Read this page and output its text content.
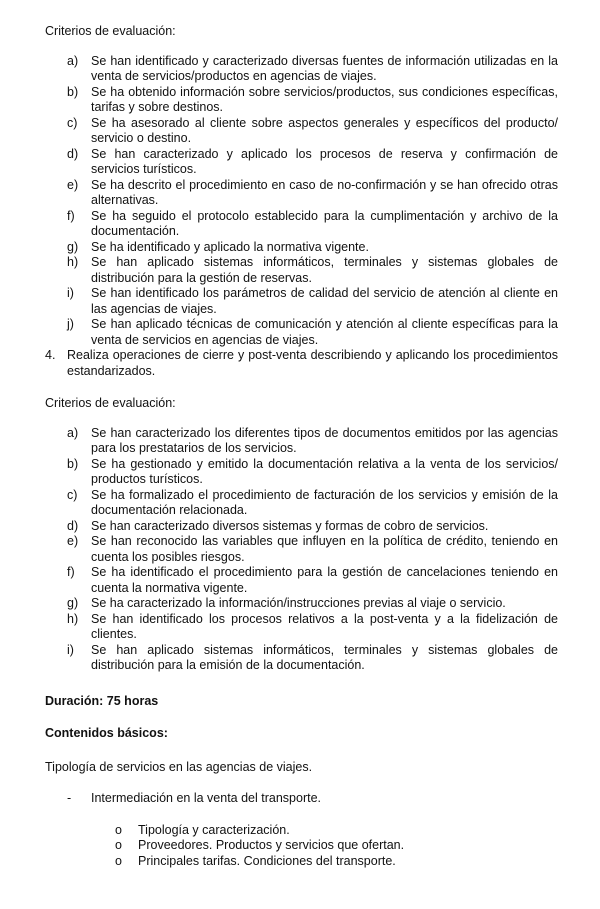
Criterios de evaluación:

a) Se han identificado y caracterizado diversas fuentes de información utilizadas en la venta de servicios/productos en agencias de viajes.
b) Se ha obtenido información sobre servicios/productos, sus condiciones específicas, tarifas y sobre destinos.
c) Se ha asesorado al cliente sobre aspectos generales y específicos del producto/ servicio o destino.
d) Se han caracterizado y aplicado los procesos de reserva y confirmación de servicios turísticos.
e) Se ha descrito el procedimiento en caso de no-confirmación y se han ofrecido otras alternativas.
f) Se ha seguido el protocolo establecido para la cumplimentación y archivo de la documentación.
g) Se ha identificado y aplicado la normativa vigente.
h) Se han aplicado sistemas informáticos, terminales y sistemas globales de distribución para la gestión de reservas.
i) Se han identificado los parámetros de calidad del servicio de atención al cliente en las agencias de viajes.
j) Se han aplicado técnicas de comunicación y atención al cliente específicas para la venta de servicios en agencias de viajes.
4. Realiza operaciones de cierre y post-venta describiendo y aplicando los procedimientos estandarizados.

Criterios de evaluación:

a) Se han caracterizado los diferentes tipos de documentos emitidos por las agencias para los prestatarios de los servicios.
b) Se ha gestionado y emitido la documentación relativa a la venta de los servicios/ productos turísticos.
c) Se ha formalizado el procedimiento de facturación de los servicios y emisión de la documentación relacionada.
d) Se han caracterizado diversos sistemas y formas de cobro de servicios.
e) Se han reconocido las variables que influyen en la política de crédito, teniendo en cuenta los posibles riesgos.
f) Se ha identificado el procedimiento para la gestión de cancelaciones teniendo en cuenta la normativa vigente.
g) Se ha caracterizado la información/instrucciones previas al viaje o servicio.
h) Se han identificado los procesos relativos a la post-venta y a la fidelización de clientes.
i) Se han aplicado sistemas informáticos, terminales y sistemas globales de distribución para la emisión de la documentación.

Duración: 75 horas

Contenidos básicos:

Tipología de servicios en las agencias de viajes.

- Intermediación en la venta del transporte.
o Tipología y caracterización.
o Proveedores. Productos y servicios que ofertan.
o Principales tarifas. Condiciones del transporte.
